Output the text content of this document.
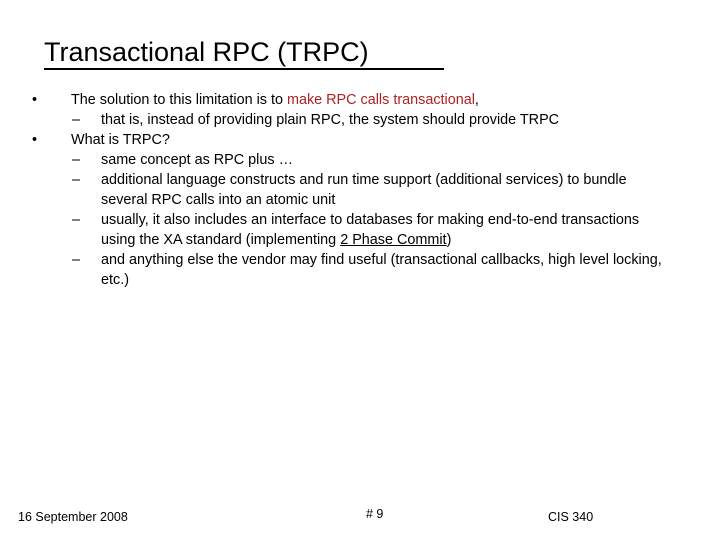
Transactional RPC (TRPC)
• The solution to this limitation is to make RPC calls transactional,
– that is, instead of providing plain RPC, the system should provide TRPC
• What is TRPC?
– same concept as RPC plus …
– additional language constructs and run time support (additional services) to bundle several RPC calls into an atomic unit
– usually, it also includes an interface to databases for making end-to-end transactions using the XA standard (implementing 2 Phase Commit)
– and anything else the vendor may find useful (transactional callbacks, high level locking, etc.)
16 September 2008	# 9	CIS 340
